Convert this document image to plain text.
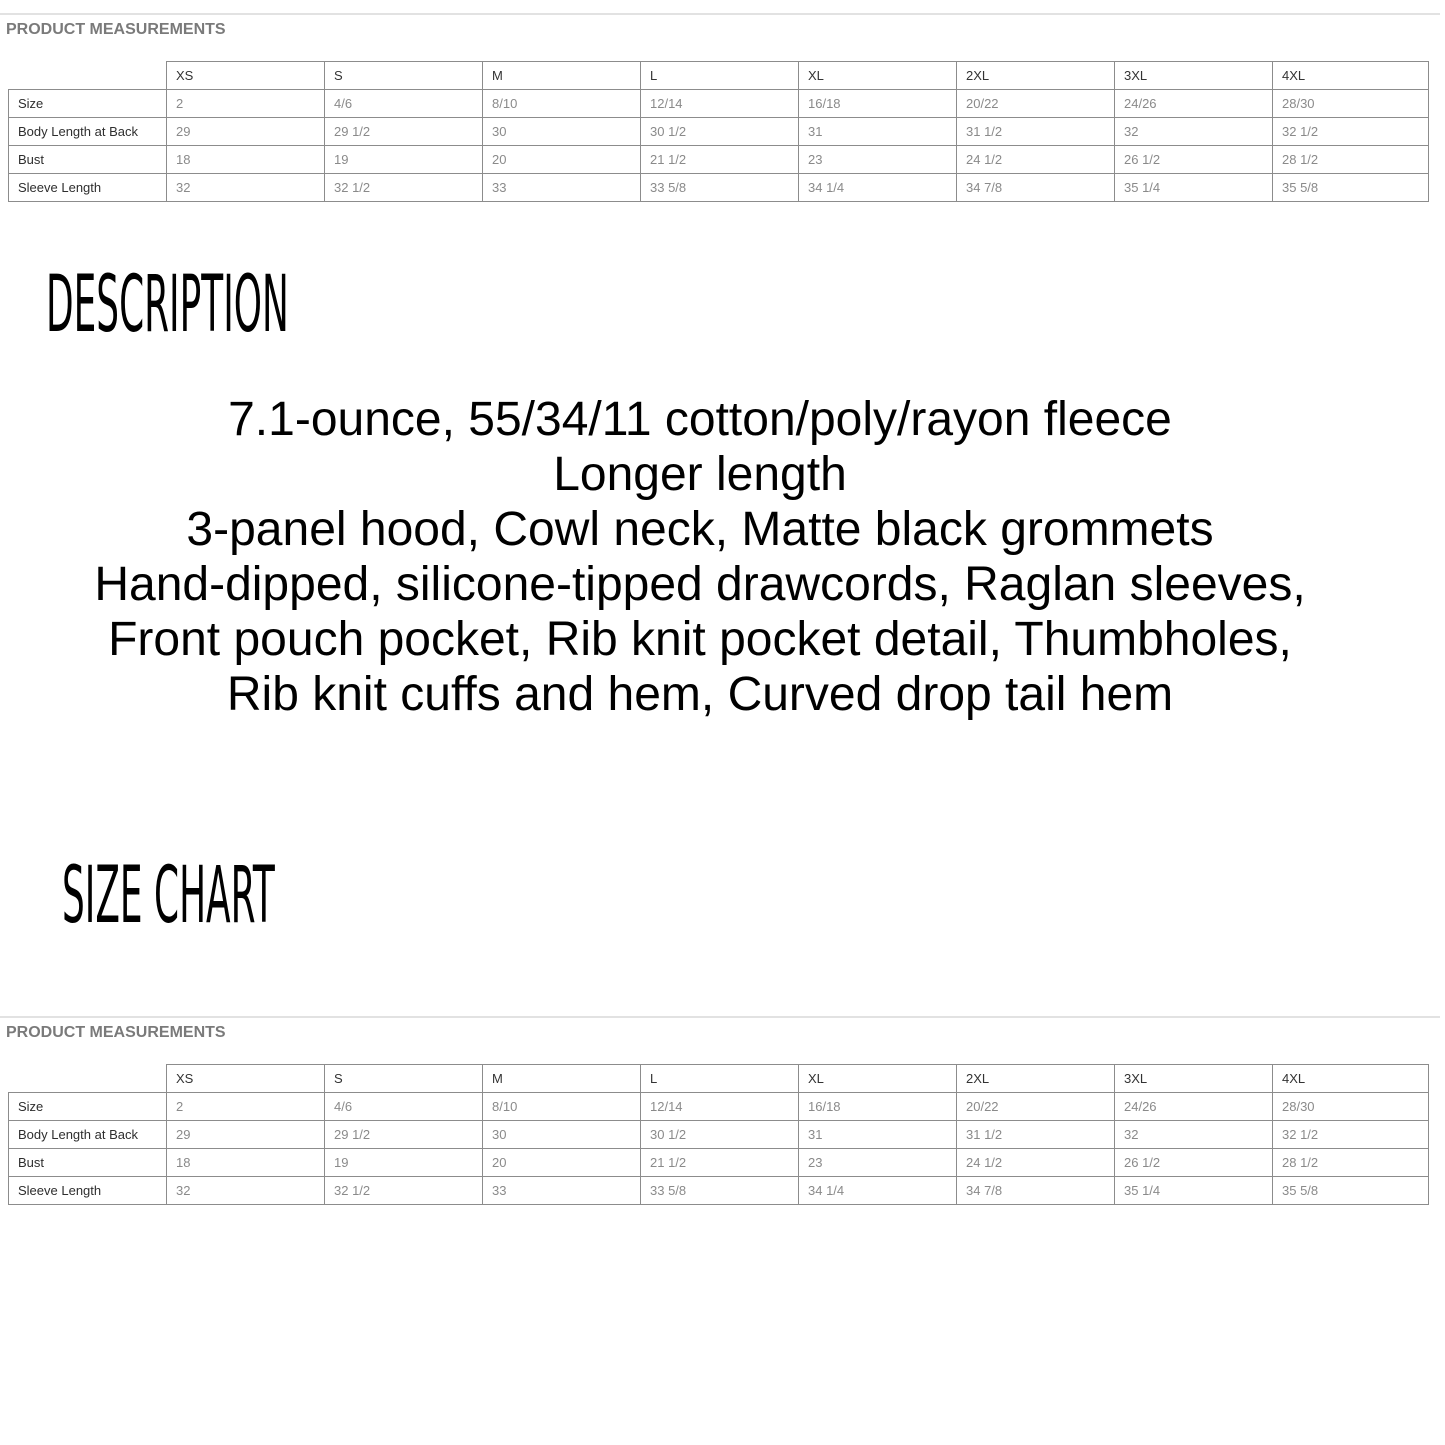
PRODUCT MEASUREMENTS
	XS	S	M	L	XL	2XL	3XL	4XL
Size	2	4/6	8/10	12/14	16/18	20/22	24/26	28/30
Body Length at Back	29	29 1/2	30	30 1/2	31	31 1/2	32	32 1/2
Bust	18	19	20	21 1/2	23	24 1/2	26 1/2	28 1/2
Sleeve Length	32	32 1/2	33	33 5/8	34 1/4	34 7/8	35 1/4	35 5/8
DESCRIPTION
7.1-ounce, 55/34/11 cotton/poly/rayon fleece
Longer length
3-panel hood, Cowl neck, Matte black grommets
Hand-dipped, silicone-tipped drawcords, Raglan sleeves,
Front pouch pocket, Rib knit pocket detail, Thumbholes,
Rib knit cuffs and hem, Curved drop tail hem
SIZE CHART
PRODUCT MEASUREMENTS
	XS	S	M	L	XL	2XL	3XL	4XL
Size	2	4/6	8/10	12/14	16/18	20/22	24/26	28/30
Body Length at Back	29	29 1/2	30	30 1/2	31	31 1/2	32	32 1/2
Bust	18	19	20	21 1/2	23	24 1/2	26 1/2	28 1/2
Sleeve Length	32	32 1/2	33	33 5/8	34 1/4	34 7/8	35 1/4	35 5/8
